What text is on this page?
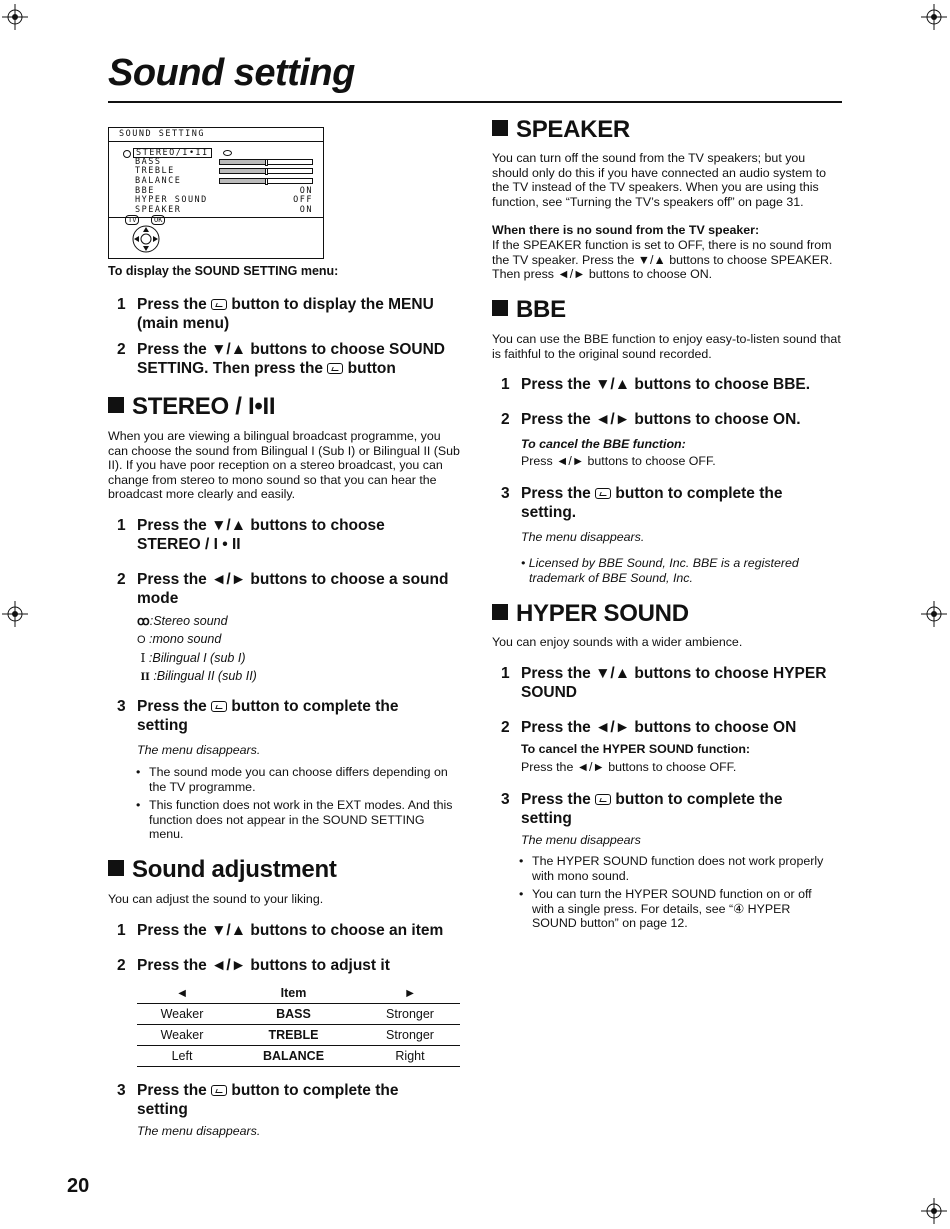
Sound setting
SOUND SETTING
STEREO/I•II
BASS
TREBLE
BALANCE
BBE	ON
HYPER SOUND	OFF
SPEAKER	ON
TV	OK
To display the SOUND SETTING menu:
1 Press the button to display the MENU
(main menu)
2 Press the ▼/▲ buttons to choose SOUND
SETTING. Then press the button
STEREO / I•II
When you are viewing a bilingual broadcast programme, you can choose the sound from Bilingual I (Sub I) or Bilingual II (Sub II). If you have poor reception on a stereo broadcast, you can change from stereo to mono sound so that you can hear the broadcast more clearly and easily.
1 Press the ▼/▲ buttons to choose
STEREO / I • II
2 Press the ◄/► buttons to choose a sound
mode
ꝏ:Stereo sound
O :mono sound
I :Bilingual I (sub I)
II :Bilingual II (sub II)
3 Press the button to complete the
setting
The menu disappears.
• The sound mode you can choose differs depending on the TV programme.
• This function does not work in the EXT modes. And this function does not appear in the SOUND SETTING menu.
Sound adjustment
You can adjust the sound to your liking.
1 Press the ▼/▲ buttons to choose an item
2 Press the ◄/► buttons to adjust it
◄	Item	►
Weaker	BASS	Stronger
Weaker	TREBLE	Stronger
Left	BALANCE	Right
3 Press the button to complete the
setting
The menu disappears.
SPEAKER
You can turn off the sound from the TV speakers; but you should only do this if you have connected an audio system to the TV instead of the TV speakers. When you are using this function, see “Turning the TV’s speakers off” on page 31.
When there is no sound from the TV speaker:
If the SPEAKER function is set to OFF, there is no sound from the TV speaker. Press the ▼/▲ buttons to choose SPEAKER. Then press ◄/► buttons to choose ON.
BBE
You can use the BBE function to enjoy easy-to-listen sound that is faithful to the original sound recorded.
1 Press the ▼/▲ buttons to choose BBE.
2 Press the ◄/► buttons to choose ON.
To cancel the BBE function:
Press ◄/► buttons to choose OFF.
3 Press the button to complete the
setting.
The menu disappears.
• Licensed by BBE Sound, Inc. BBE is a registered
trademark of BBE Sound, Inc.
HYPER SOUND
You can enjoy sounds with a wider ambience.
1 Press the ▼/▲ buttons to choose HYPER
SOUND
2 Press the ◄/► buttons to choose ON
To cancel the HYPER SOUND function:
Press the ◄/► buttons to choose OFF.
3 Press the button to complete the
setting
The menu disappears
• The HYPER SOUND function does not work properly with mono sound.
• You can turn the HYPER SOUND function on or off with a single press. For details, see “④ HYPER SOUND button” on page 12.
20
